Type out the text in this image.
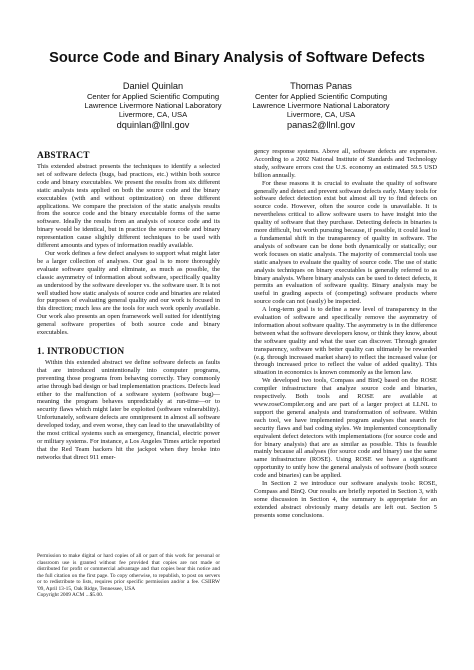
Source Code and Binary Analysis of Software Defects
Daniel Quinlan
Center for Applied Scientific Computing
Lawrence Livermore National Laboratory
Livermore, CA, USA
dquinlan@llnl.gov
Thomas Panas
Center for Applied Scientific Computing
Lawrence Livermore National Laboratory
Livermore, CA, USA
panas2@llnl.gov
ABSTRACT

This extended abstract presents the techniques to identify a selected set of software defects (bugs, bad practices, etc.) within both source code and binary executables. We present the results from six different static analysis tests applied on both the source code and the binary executables (with and without optimization) on three different applications. We compare the precision of the static analysis results from the source code and the binary executable forms of the same software. Ideally the results from an analysis of source code and its binary would be identical, but in practice the source code and binary representation cause slightly different techniques to be used with different amounts and types of information readily available.

Our work defines a few defect analyses to support what might later be a larger collection of analyses. Our goal is to more thoroughly evaluate software quality and eliminate, as much as possible, the classic asymmetry of information about software, specifically quality as understood by the software developer vs. the software user. It is not well studied how static analysis of source code and binaries are related for purposes of evaluating general quality and our work is focused in this direction; much less are the tools for such work openly available. Our work also presents an open framework well suited for identifying general software properties of both source code and binary executables.

1. INTRODUCTION

Within this extended abstract we define software defects as faults that are introduced unintentionally into computer programs, preventing those programs from behaving correctly. They commonly arise through bad design or bad implementation practices. Defects lead either to the malfunction of a software system (software bug)—meaning the program behaves unpredictably at run-time—or to security flaws which might later be exploited (software vulnerability). Unfortunately, software defects are omnipresent in almost all software developed today, and even worse, they can lead to the unavailability of the most critical systems such as emergency, financial, electric power or military systems. For instance, a Los Angeles Times article reported that the Red Team hackers hit the jackpot when they broke into networks that direct 911 emer-

Permission to make digital or hard copies of all or part of this work for personal or classroom use is granted without fee provided that copies are not made or distributed for profit or commercial advantage and that copies bear this notice and the full citation on the first page. To copy otherwise, to republish, to post on servers or to redistribute to lists, requires prior specific permission and/or a fee. CSIIRW '09, April 13-15, Oak Ridge, Tennessee, USA

Copyright 2009 ACM ...$5.00.

gency response systems. Above all, software defects are expensive. According to a 2002 National Institute of Standards and Technology study, software errors cost the U.S. economy an estimated 59.5 USD billion annually.

For these reasons it is crucial to evaluate the quality of software generally and detect and prevent software defects early. Many tools for software defect detection exist but almost all try to find defects on source code. However, often the source code is unavailable. It is nevertheless critical to allow software users to have insight into the quality of software that they purchase. Detecting defects in binaries is more difficult, but worth pursuing because, if possible, it could lead to a fundamental shift in the transparency of quality in software. The analysis of software can be done both dynamically or statically; our work focuses on static analysis. The majority of commercial tools use static analyses to evaluate the quality of source code. The use of static analysis techniques on binary executables is generally referred to as binary analysis. Where binary analysis can be used to detect defects, it permits an evaluation of software quality. Binary analysis may be useful in grading aspects of (competing) software products where source code can not (easily) be inspected.

A long-term goal is to define a new level of transparency in the evaluation of software and specifically remove the asymmetry of information about software quality. The asymmetry is in the difference between what the software developers know, or think they know, about the software quality and what the user can discover. Through greater transparency, software with better quality can ultimately be rewarded (e.g. through increased market share) to reflect the increased value (or through increased price to reflect the value of added quality). This situation in economics is known commonly as the lemon law.

We developed two tools, Compass and BinQ based on the ROSE compiler infrastructure that analyze source code and binaries, respectively. Both tools and ROSE are available at www.roseCompiler.org and are part of a larger project at LLNL to support the general analysis and transformation of software. Within each tool, we have implemented program analyses that search for security flaws and bad coding styles. We implemented conceptionally equivalent defect detectors with implementations (for source code and for binary analysis) that are as similar as possible. This is feasible mainly because all analyses (for source code and binary) use the same same infrastructure (ROSE). Using ROSE we have a significant opportunity to unify how the general analysis of software (both source code and binaries) can be applied.

In Section 2 we introduce our software analysis tools: ROSE, Compass and BinQ. Our results are briefly reported in Section 3, with some discussion in Section 4, the summary is appropriate for an extended abstract obviously many details are left out. Section 5 presents some conclusions.
